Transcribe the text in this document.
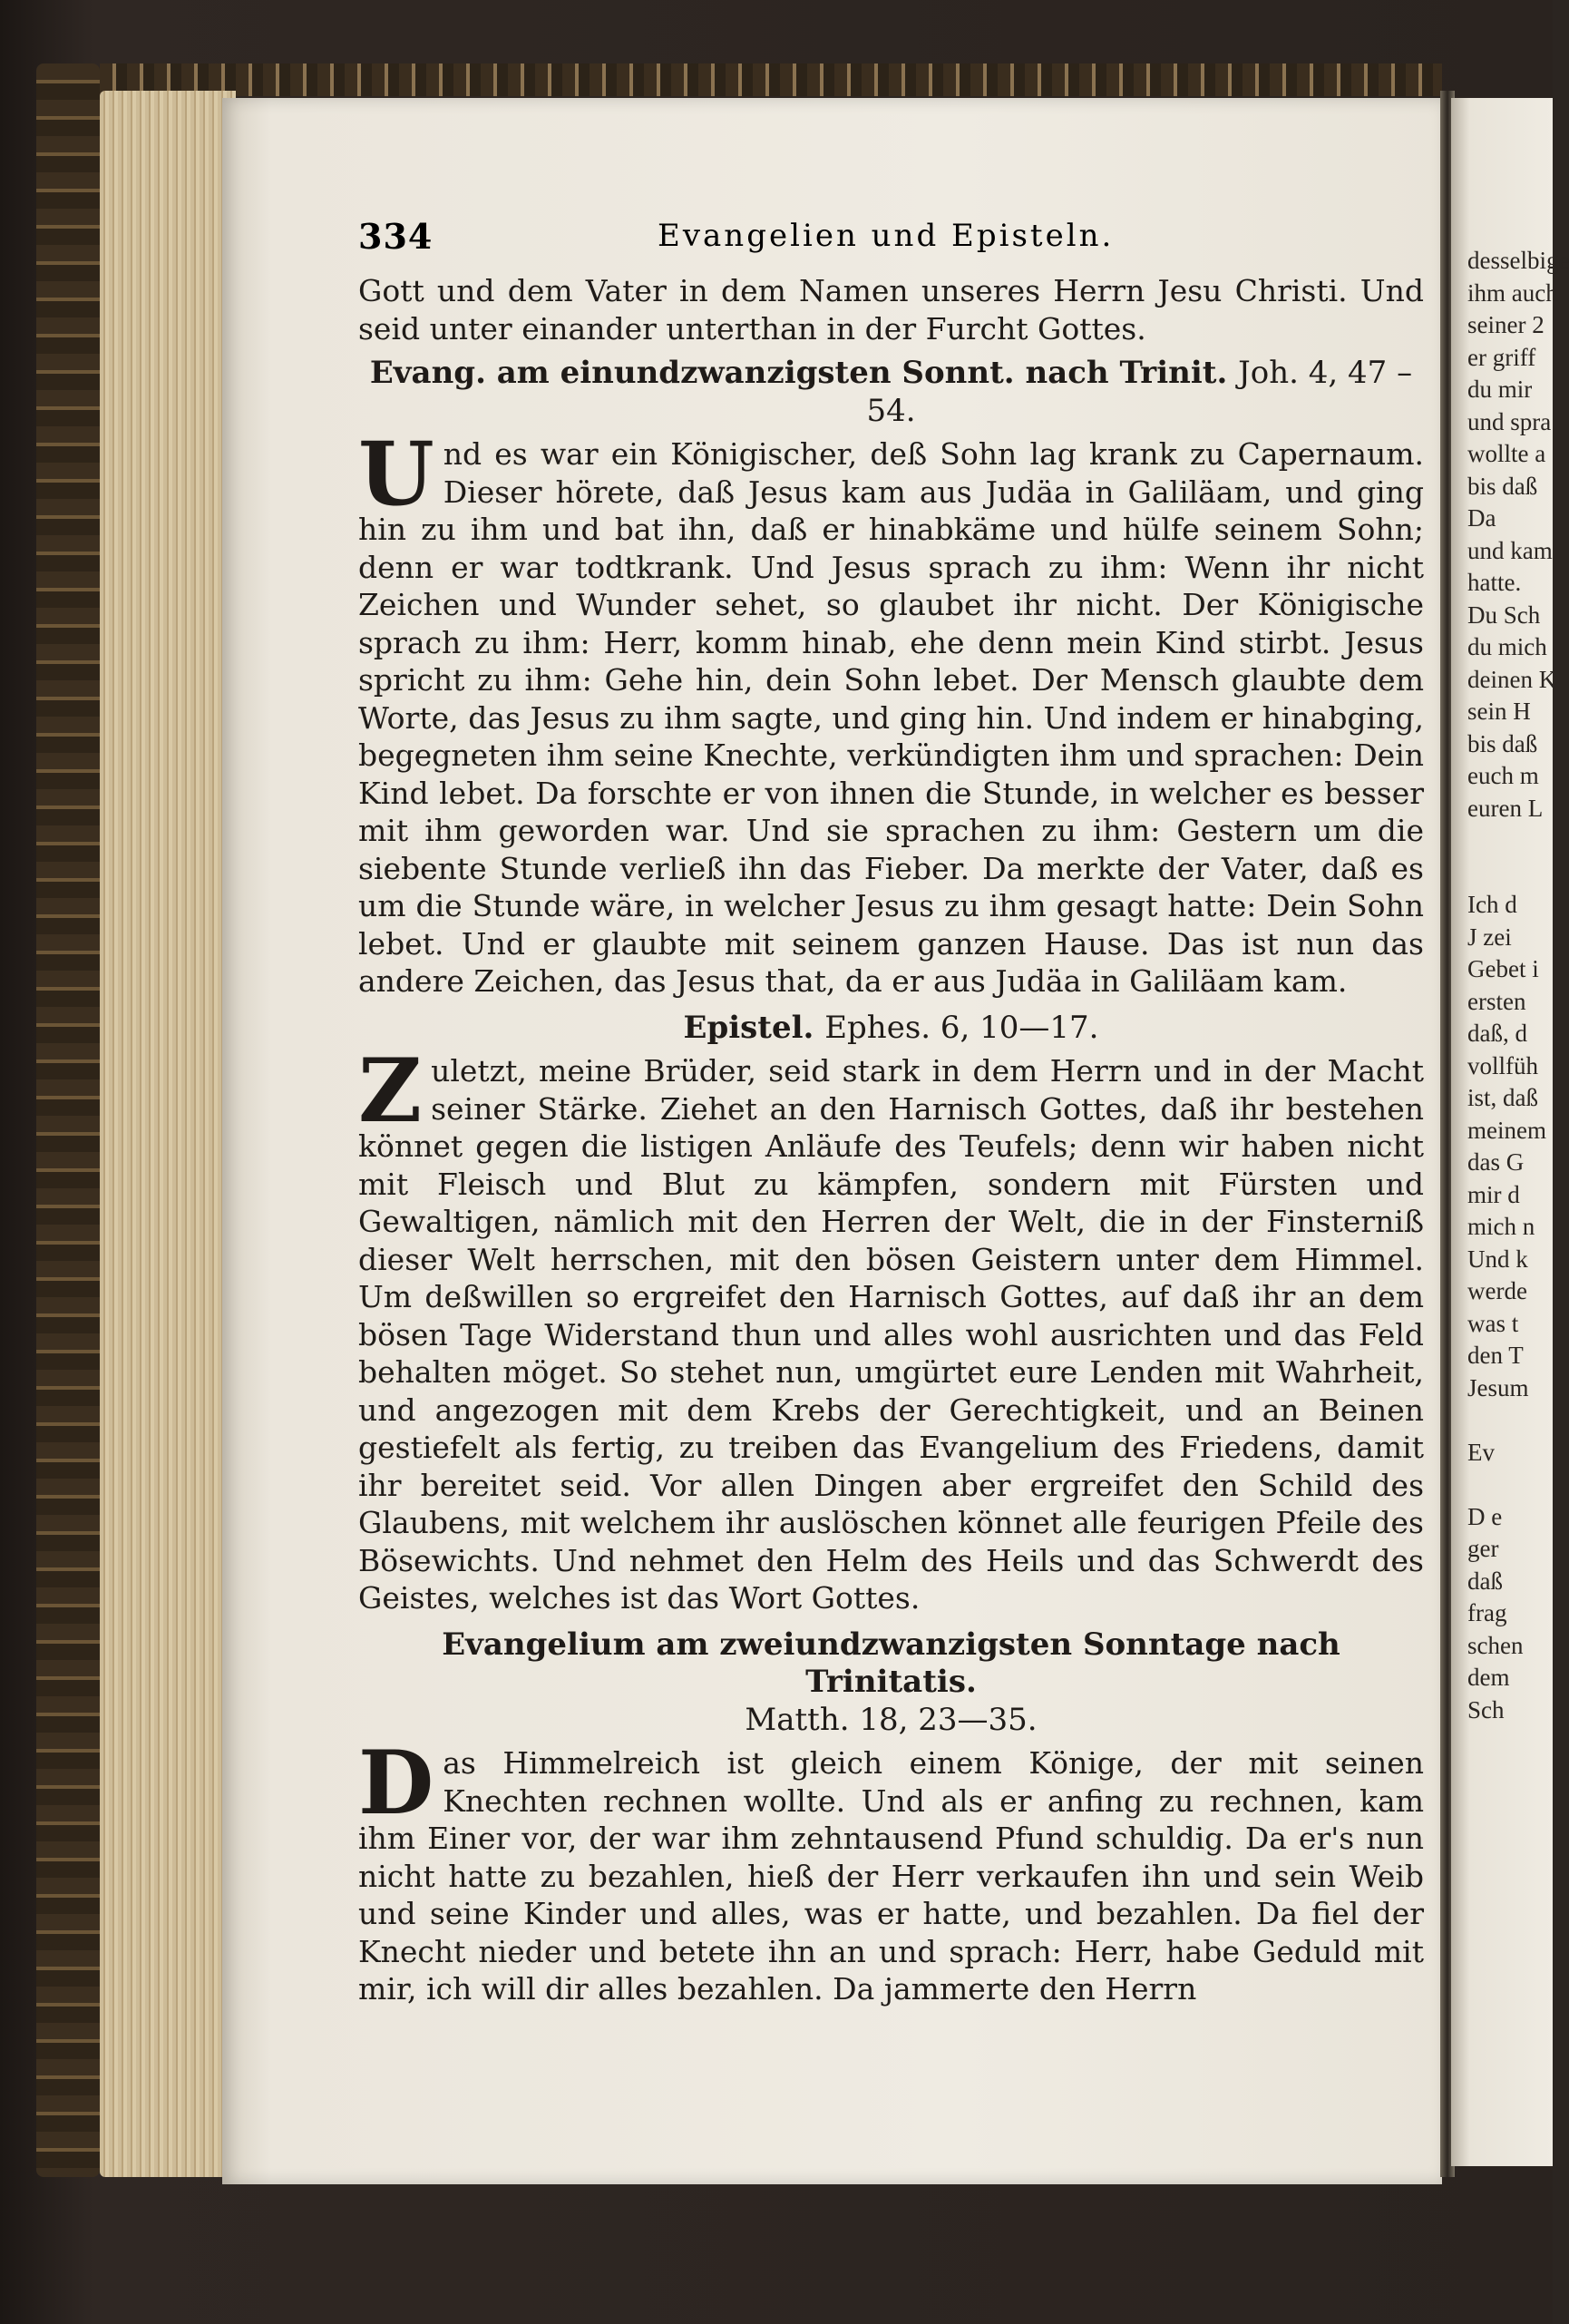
334	Evangelien und Episteln.

Gott und dem Vater in dem Namen unseres Herrn Jesu Christi. Und seid unter einander unterthan in der Furcht Gottes.

Evang. am einundzwanzigsten Sonnt. nach Trinit. Joh. 4, 47 – 54.

Und es war ein Königischer, deß Sohn lag krank zu Capernaum. Dieser hörete, daß Jesus kam aus Judäa in Galiläam, und ging hin zu ihm und bat ihn, daß er hinabkäme und hülfe seinem Sohn; denn er war todtkrank. Und Jesus sprach zu ihm: Wenn ihr nicht Zeichen und Wunder sehet, so glaubet ihr nicht. Der Königische sprach zu ihm: Herr, komm hinab, ehe denn mein Kind stirbt. Jesus spricht zu ihm: Gehe hin, dein Sohn lebet. Der Mensch glaubte dem Worte, das Jesus zu ihm sagte, und ging hin. Und indem er hinabging, begegneten ihm seine Knechte, verkündigten ihm und sprachen: Dein Kind lebet. Da forschte er von ihnen die Stunde, in welcher es besser mit ihm geworden war. Und sie sprachen zu ihm: Gestern um die siebente Stunde verließ ihn das Fieber. Da merkte der Vater, daß es um die Stunde wäre, in welcher Jesus zu ihm gesagt hatte: Dein Sohn lebet. Und er glaubte mit seinem ganzen Hause. Das ist nun das andere Zeichen, das Jesus that, da er aus Judäa in Galiläam kam.

Epistel. Ephes. 6, 10—17.

Zuletzt, meine Brüder, seid stark in dem Herrn und in der Macht seiner Stärke. Ziehet an den Harnisch Gottes, daß ihr bestehen könnet gegen die listigen Anläufe des Teufels; denn wir haben nicht mit Fleisch und Blut zu kämpfen, sondern mit Fürsten und Gewaltigen, nämlich mit den Herren der Welt, die in der Finsterniß dieser Welt herrschen, mit den bösen Geistern unter dem Himmel. Um deßwillen so ergreifet den Harnisch Gottes, auf daß ihr an dem bösen Tage Widerstand thun und alles wohl ausrichten und das Feld behalten möget. So stehet nun, umgürtet eure Lenden mit Wahrheit, und angezogen mit dem Krebs der Gerechtigkeit, und an Beinen gestiefelt als fertig, zu treiben das Evangelium des Friedens, damit ihr bereitet seid. Vor allen Dingen aber ergreifet den Schild des Glaubens, mit welchem ihr auslöschen könnet alle feurigen Pfeile des Bösewichts. Und nehmet den Helm des Heils und das Schwerdt des Geistes, welches ist das Wort Gottes.

Evangelium am zweiundzwanzigsten Sonntage nach Trinitatis.
Matth. 18, 23—35.

Das Himmelreich ist gleich einem Könige, der mit seinen Knechten rechnen wollte. Und als er anfing zu rechnen, kam ihm Einer vor, der war ihm zehntausend Pfund schuldig. Da er's nun nicht hatte zu bezahlen, hieß der Herr verkaufen ihn und sein Weib und seine Kinder und alles, was er hatte, und bezahlen. Da fiel der Knecht nieder und betete ihn an und sprach: Herr, habe Geduld mit mir, ich will dir alles bezahlen. Da jammerte den Herrn

desselbige
ihm auch
seiner 2
er griff
du mir
und spra
wollte a
bis daß
Da
und kam
hatte.
Du Sch
du mich
deinen K
sein H
bis daß
euch m
euren L

Ich d
J zei
Gebet i
ersten
daß, d
vollfüh
ist, daß
meinem
das G
mir d
mich n
Und k
werde
was t
den T
Jesum

Ev

D e
ger
daß
frag
schen
dem
Sch
